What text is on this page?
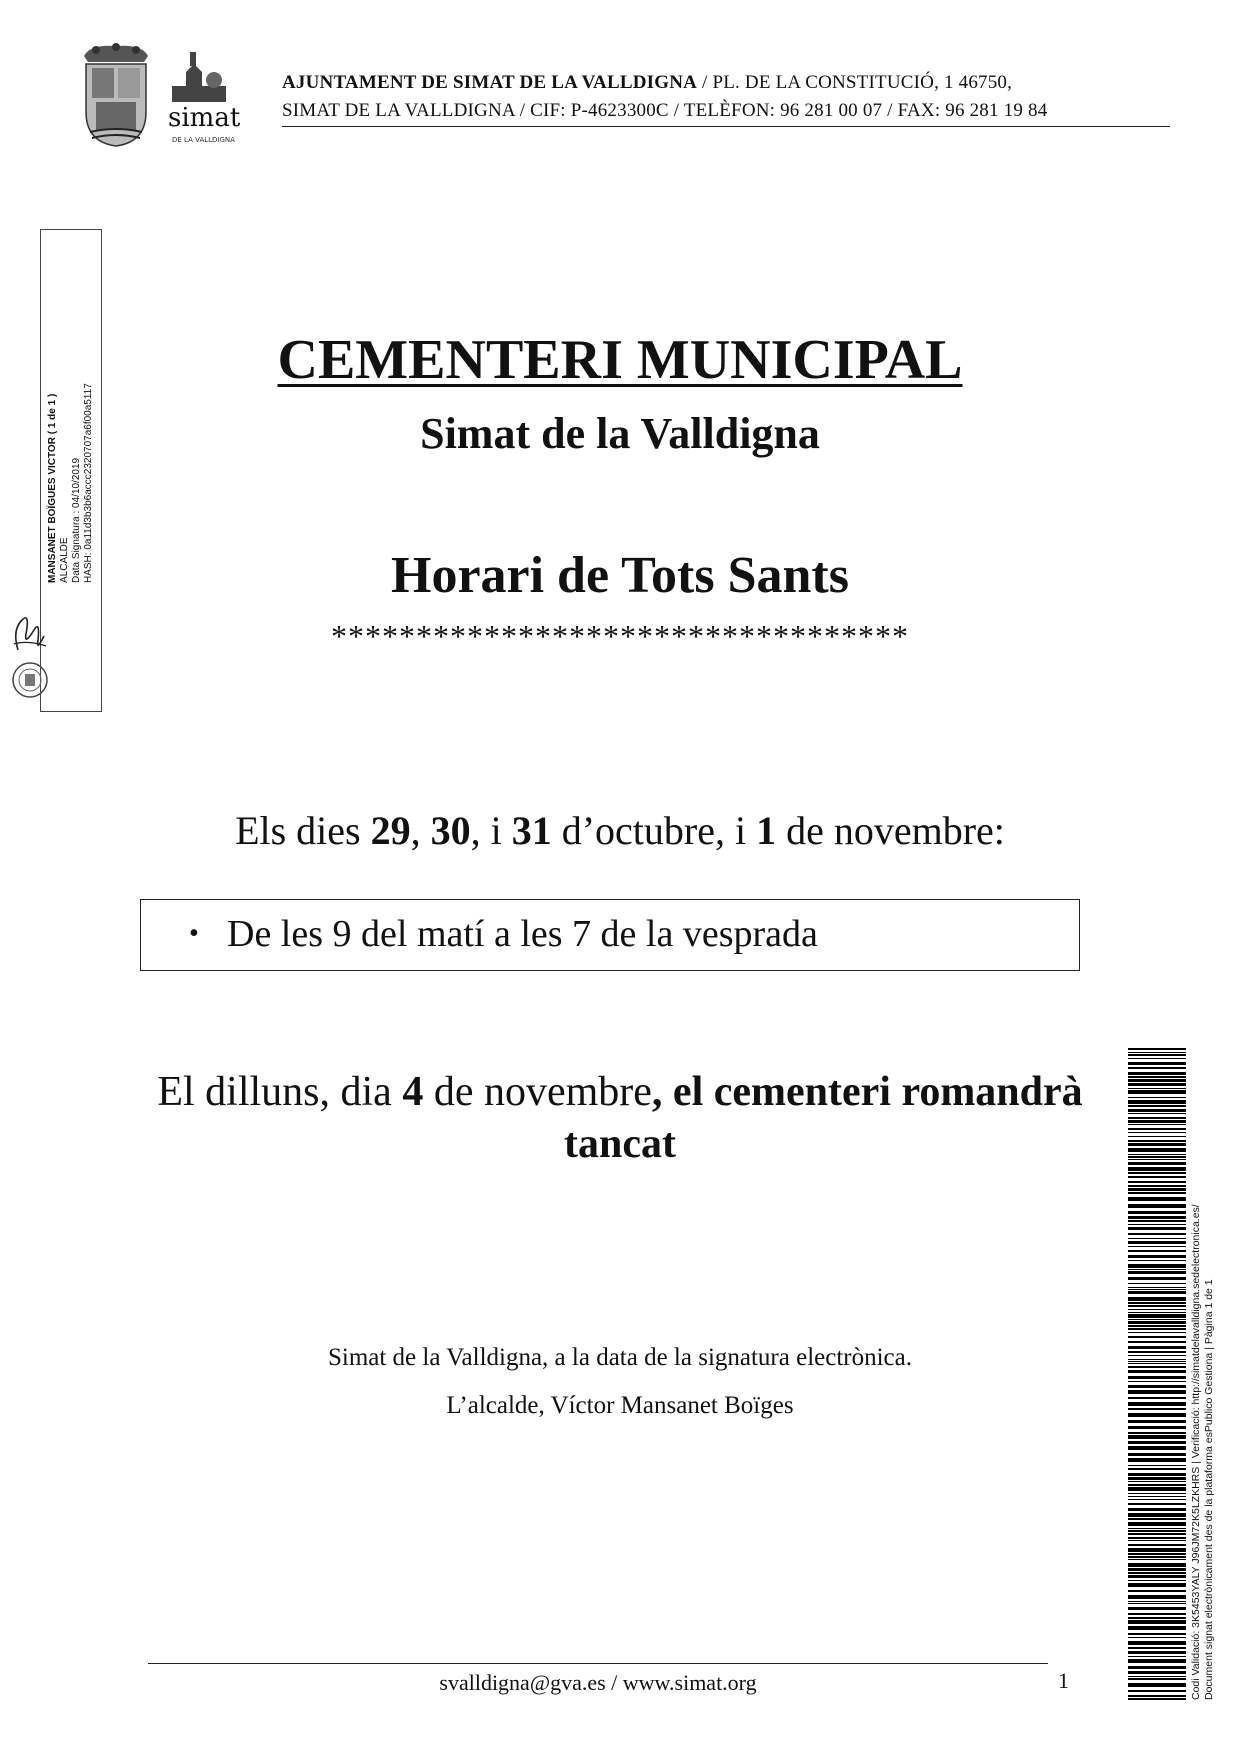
simat
DE LA VALLDIGNA
AJUNTAMENT DE SIMAT DE LA VALLDIGNA / PL. DE LA CONSTITUCIÓ, 1 46750,
SIMAT DE LA VALLDIGNA / CIF: P-4623300C / TELÈFON: 96 281 00 07 / FAX: 96 281 19 84
MANSANET BOÏGUES VICTOR ( 1 de 1 ) ALCALDE Data Signatura : 04/10/2019 HASH: 0a11d3b3b6accc2320707a6f00a5117
CEMENTERI MUNICIPAL
Simat de la Valldigna
Horari de Tots Sants
**********************************
Els dies 29, 30, i 31 d’octubre, i 1 de novembre:
• De les 9 del matí a les 7 de la vesprada
El dilluns, dia 4 de novembre, el cementeri romandrà tancat
Simat de la Valldigna, a la data de la signatura electrònica.
L’alcalde, Víctor Mansanet Boïges
svalldigna@gva.es / www.simat.org	1	Codi Validació: 3K5453YALY J96JM72K5LZKHRS | Verificació: http://simatdelavalldigna.sedelectronica.es/ Document signat electrònicament des de la plataforma esPublico Gestiona | Pàgina 1 de 1
